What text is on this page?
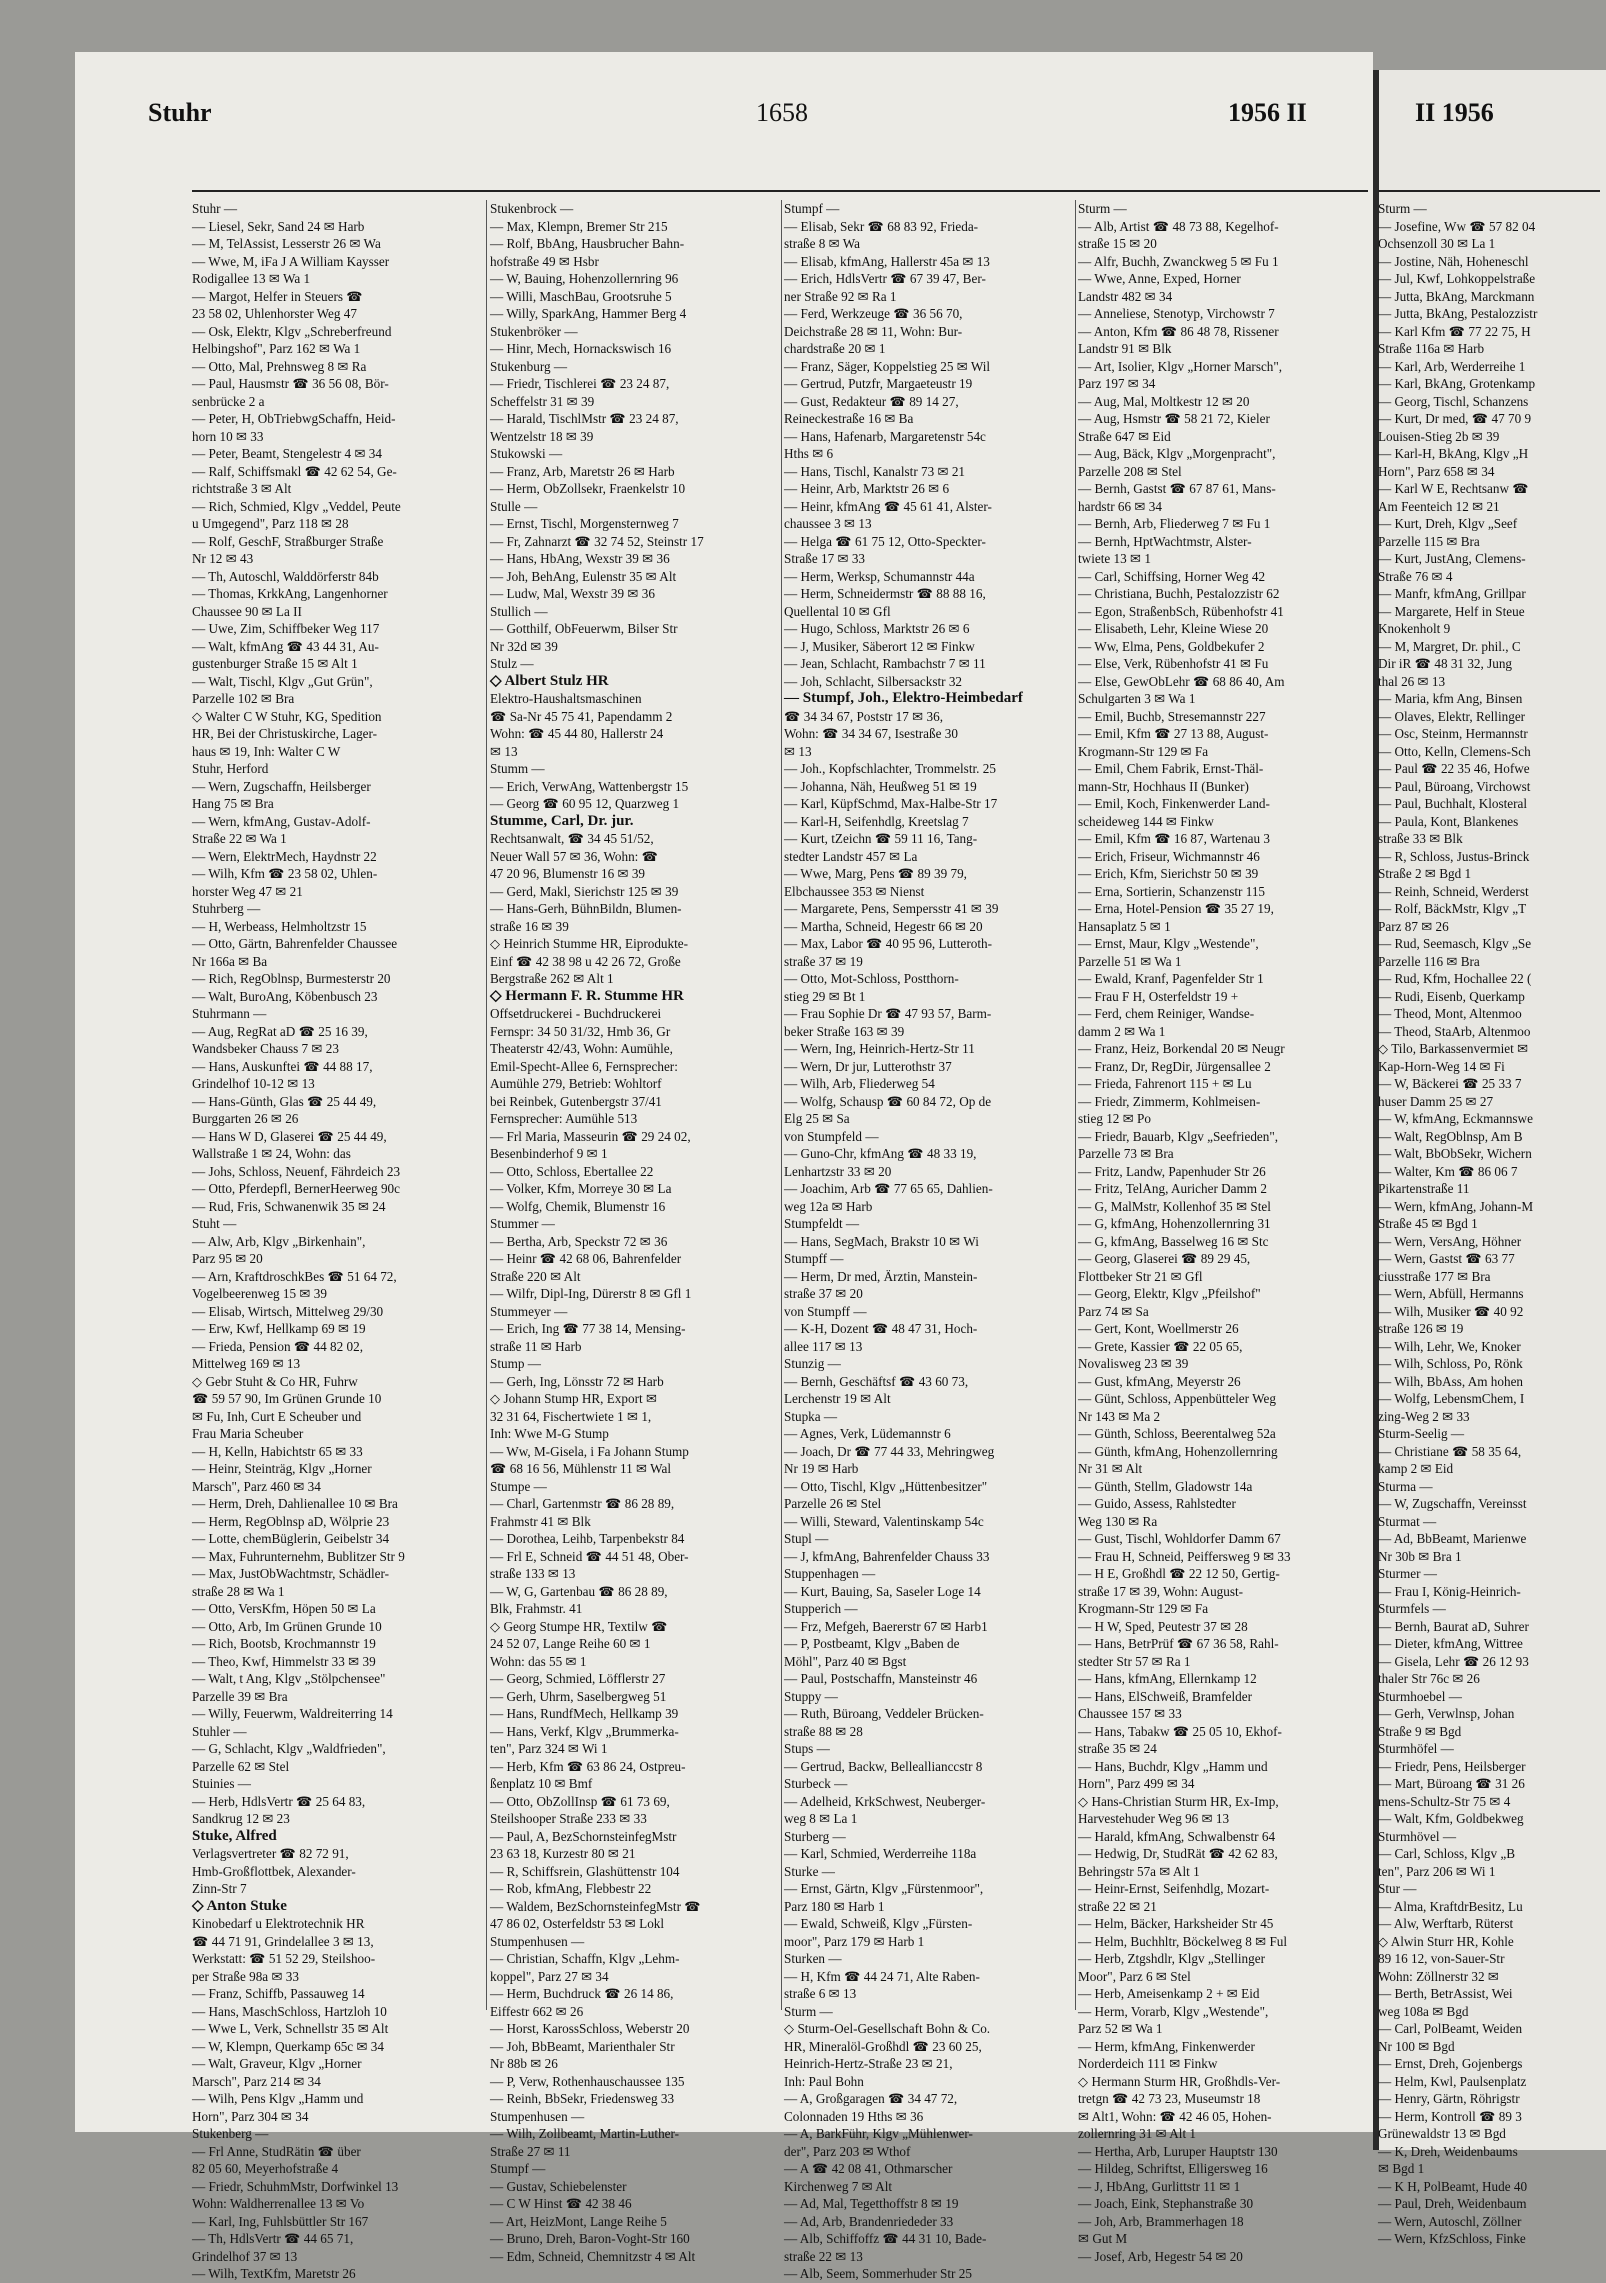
Stuhr	1658	1956 II	II 1956
Stuhr —
— Liesel, Sekr, Sand 24 ✉ Harb
— M, TelAssist, Lesserstr 26 ✉ Wa
— Wwe, M, iFa J A William Kaysser
Rodigallee 13 ✉ Wa 1
— Margot, Helfer in Steuers ☎
23 58 02, Uhlenhorster Weg 47
— Osk, Elektr, Klgv „Schreberfreund
Helbingshof", Parz 162 ✉ Wa 1
— Otto, Mal, Prehnsweg 8 ✉ Ra
— Paul, Hausmstr ☎ 36 56 08, Bör-
senbrücke 2 a
— Peter, H, ObTriebwgSchaffn, Heid-
horn 10 ✉ 33
— Peter, Beamt, Stengelestr 4 ✉ 34
— Ralf, Schiffsmakl ☎ 42 62 54, Ge-
richtstraße 3 ✉ Alt
— Rich, Schmied, Klgv „Veddel, Peute
u Umgegend", Parz 118 ✉ 28
— Rolf, GeschF, Straßburger Straße
Nr 12 ✉ 43
— Th, Autoschl, Walddörferstr 84b
— Thomas, KrkkAng, Langenhorner
Chaussee 90 ✉ La II
— Uwe, Zim, Schiffbeker Weg 117
— Walt, kfmAng ☎ 43 44 31, Au-
gustenburger Straße 15 ✉ Alt 1
— Walt, Tischl, Klgv „Gut Grün",
Parzelle 102 ✉ Bra
◇ Walter C W Stuhr, KG, Spedition
HR, Bei der Christuskirche, Lager-
haus ✉ 19, Inh: Walter C W
Stuhr, Herford
— Wern, Zugschaffn, Heilsberger
Hang 75 ✉ Bra
— Wern, kfmAng, Gustav-Adolf-
Straße 22 ✉ Wa 1
— Wern, ElektrMech, Haydnstr 22
— Wilh, Kfm ☎ 23 58 02, Uhlen-
horster Weg 47 ✉ 21
Stuhrberg —
— H, Werbeass, Helmholtzstr 15
— Otto, Gärtn, Bahrenfelder Chaussee
Nr 166a ✉ Ba
— Rich, RegOblnsp, Burmesterstr 20
— Walt, BuroAng, Köbenbusch 23
Stuhrmann —
— Aug, RegRat aD ☎ 25 16 39,
Wandsbeker Chauss 7 ✉ 23
— Hans, Auskunftei ☎ 44 88 17,
Grindelhof 10-12 ✉ 13
— Hans-Günth, Glas ☎ 25 44 49,
Burggarten 26 ✉ 26
— Hans W D, Glaserei ☎ 25 44 49,
Wallstraße 1 ✉ 24, Wohn: das
— Johs, Schloss, Neuenf, Fährdeich 23
— Otto, Pferdepfl, BernerHeerweg 90c
— Rud, Fris, Schwanenwik 35 ✉ 24
Stuht —
— Alw, Arb, Klgv „Birkenhain",
Parz 95 ✉ 20
— Arn, KraftdroschkBes ☎ 51 64 72,
Vogelbeerenweg 15 ✉ 39
— Elisab, Wirtsch, Mittelweg 29/30
— Erw, Kwf, Hellkamp 69 ✉ 19
— Frieda, Pension ☎ 44 82 02,
Mittelweg 169 ✉ 13
◇ Gebr Stuht & Co HR, Fuhrw
☎ 59 57 90, Im Grünen Grunde 10
✉ Fu, Inh, Curt E Scheuber und
Frau Maria Scheuber
— H, Kelln, Habichtstr 65 ✉ 33
— Heinr, Steinträg, Klgv „Horner
Marsch", Parz 460 ✉ 34
— Herm, Dreh, Dahlienallee 10 ✉ Bra
— Herm, RegOblnsp aD, Wölprie 23
— Lotte, chemBüglerin, Geibelstr 34
— Max, Fuhrunternehm, Bublitzer Str 9
— Max, JustObWachtmstr, Schädler-
straße 28 ✉ Wa 1
— Otto, VersKfm, Höpen 50 ✉ La
— Otto, Arb, Im Grünen Grunde 10
— Rich, Bootsb, Krochmannstr 19
— Theo, Kwf, Himmelstr 33 ✉ 39
— Walt, t Ang, Klgv „Stölpchensee"
Parzelle 39 ✉ Bra
— Willy, Feuerwm, Waldreiterring 14
Stuhler —
— G, Schlacht, Klgv „Waldfrieden",
Parzelle 62 ✉ Stel
Stuinies —
— Herb, HdlsVertr ☎ 25 64 83,
Sandkrug 12 ✉ 23
Stuke, Alfred
Verlagsvertreter ☎ 82 72 91,
Hmb-Großflottbek, Alexander-
Zinn-Str 7
◇ Anton Stuke
Kinobedarf u Elektrotechnik HR
☎ 44 71 91, Grindelallee 3 ✉ 13,
Werkstatt: ☎ 51 52 29, Steilshoo-
per Straße 98a ✉ 33
— Franz, Schiffb, Passauweg 14
— Hans, MaschSchloss, Hartzloh 10
— Wwe L, Verk, Schnellstr 35 ✉ Alt
— W, Klempn, Querkamp 65c ✉ 34
— Walt, Graveur, Klgv „Horner
Marsch", Parz 214 ✉ 34
— Wilh, Pens Klgv „Hamm und
Horn", Parz 304 ✉ 34
Stukenberg —
— Frl Anne, StudRätin ☎ über
82 05 60, Meyerhofstraße 4
— Friedr, SchuhmMstr, Dorfwinkel 13
Wohn: Waldherrenallee 13 ✉ Vo
— Karl, Ing, Fuhlsbüttler Str 167
— Th, HdlsVertr ☎ 44 65 71,
Grindelhof 37 ✉ 13
— Wilh, TextKfm, Maretstr 26
Stukenbrock —
— Max, Klempn, Bremer Str 215
— Rolf, BbAng, Hausbrucher Bahn-
hofstraße 49 ✉ Hsbr
— W, Bauing, Hohenzollernring 96
— Willi, MaschBau, Grootsruhe 5
— Willy, SparkAng, Hammer Berg 4
Stukenbröker —
— Hinr, Mech, Hornackswisch 16
Stukenburg —
— Friedr, Tischlerei ☎ 23 24 87,
Scheffelstr 31 ✉ 39
— Harald, TischlMstr ☎ 23 24 87,
Wentzelstr 18 ✉ 39
Stukowski —
— Franz, Arb, Maretstr 26 ✉ Harb
— Herm, ObZollsekr, Fraenkelstr 10
Stulle —
— Ernst, Tischl, Morgensternweg 7
— Fr, Zahnarzt ☎ 32 74 52, Steinstr 17
— Hans, HbAng, Wexstr 39 ✉ 36
— Joh, BehAng, Eulenstr 35 ✉ Alt
— Ludw, Mal, Wexstr 39 ✉ 36
Stullich —
— Gotthilf, ObFeuerwm, Bilser Str
Nr 32d ✉ 39
Stulz —
◇ Albert Stulz HR
Elektro-Haushaltsmaschinen
☎ Sa-Nr 45 75 41, Papendamm 2
Wohn: ☎ 45 44 80, Hallerstr 24
✉ 13
Stumm —
— Erich, VerwAng, Wattenbergstr 15
— Georg ☎ 60 95 12, Quarzweg 1
Stumme, Carl, Dr. jur.
Rechtsanwalt, ☎ 34 45 51/52,
Neuer Wall 57 ✉ 36, Wohn: ☎
47 20 96, Blumenstr 16 ✉ 39
— Gerd, Makl, Sierichstr 125 ✉ 39
— Hans-Gerh, BühnBildn, Blumen-
straße 16 ✉ 39
◇ Heinrich Stumme HR, Eiprodukte-
Einf ☎ 42 38 98 u 42 26 72, Große
Bergstraße 262 ✉ Alt 1
◇ Hermann F. R. Stumme HR
Offsetdruckerei - Buchdruckerei
Fernspr: 34 50 31/32, Hmb 36, Gr
Theaterstr 42/43, Wohn: Aumühle,
Emil-Specht-Allee 6, Fernsprecher:
Aumühle 279, Betrieb: Wohltorf
bei Reinbek, Gutenbergstr 37/41
Fernsprecher: Aumühle 513
— Frl Maria, Masseurin ☎ 29 24 02,
Besenbinderhof 9 ✉ 1
— Otto, Schloss, Ebertallee 22
— Volker, Kfm, Morreye 30 ✉ La
— Wolfg, Chemik, Blumenstr 16
Stummer —
— Bertha, Arb, Speckstr 72 ✉ 36
— Heinr ☎ 42 68 06, Bahrenfelder
Straße 220 ✉ Alt
— Wilfr, Dipl-Ing, Dürerstr 8 ✉ Gfl 1
Stummeyer —
— Erich, Ing ☎ 77 38 14, Mensing-
straße 11 ✉ Harb
Stump —
— Gerh, Ing, Lönsstr 72 ✉ Harb
◇ Johann Stump HR, Export ✉
32 31 64, Fischertwiete 1 ✉ 1,
Inh: Wwe M-G Stump
— Ww, M-Gisela, i Fa Johann Stump
☎ 68 16 56, Mühlenstr 11 ✉ Wal
Stumpe —
— Charl, Gartenmstr ☎ 86 28 89,
Frahmstr 41 ✉ Blk
— Dorothea, Leihb, Tarpenbekstr 84
— Frl E, Schneid ☎ 44 51 48, Ober-
straße 133 ✉ 13
— W, G, Gartenbau ☎ 86 28 89,
Blk, Frahmstr. 41
◇ Georg Stumpe HR, Textilw ☎
24 52 07, Lange Reihe 60 ✉ 1
Wohn: das 55 ✉ 1
— Georg, Schmied, Löfflerstr 27
— Gerh, Uhrm, Saselbergweg 51
— Hans, RundfMech, Hellkamp 39
— Hans, Verkf, Klgv „Brummerka-
ten", Parz 324 ✉ Wi 1
— Herb, Kfm ☎ 63 86 24, Ostpreu-
ßenplatz 10 ✉ Bmf
— Otto, ObZollInsp ☎ 61 73 69,
Steilshooper Straße 233 ✉ 33
— Paul, A, BezSchornsteinfegMstr
23 63 18, Kurzestr 80 ✉ 21
— R, Schiffsrein, Glashüttenstr 104
— Rob, kfmAng, Flebbestr 22
— Waldem, BezSchornsteinfegMstr ☎
47 86 02, Osterfeldstr 53 ✉ Lokl
Stumpenhusen —
— Christian, Schaffn, Klgv „Lehm-
koppel", Parz 27 ✉ 34
— Herm, Buchdruck ☎ 26 14 86,
Eiffestr 662 ✉ 26
— Horst, KarossSchloss, Weberstr 20
— Joh, BbBeamt, Marienthaler Str
Nr 88b ✉ 26
— P, Verw, Rothenhauschaussee 135
— Reinh, BbSekr, Friedensweg 33
Stumpenhusen —
— Wilh, Zollbeamt, Martin-Luther-
Straße 27 ✉ 11
Stumpf —
— Gustav, Schiebelenster
— C W Hinst ☎ 42 38 46
— Art, HeizMont, Lange Reihe 5
— Bruno, Dreh, Baron-Voght-Str 160
— Edm, Schneid, Chemnitzstr 4 ✉ Alt
Stumpf —
— Elisab, Sekr ☎ 68 83 92, Frieda-
straße 8 ✉ Wa
— Elisab, kfmAng, Hallerstr 45a ✉ 13
— Erich, HdlsVertr ☎ 67 39 47, Ber-
ner Straße 92 ✉ Ra 1
— Ferd, Werkzeuge ☎ 36 56 70,
Deichstraße 28 ✉ 11, Wohn: Bur-
chardstraße 20 ✉ 1
— Franz, Säger, Koppelstieg 25 ✉ Wil
— Gertrud, Putzfr, Margaeteustr 19
— Gust, Redakteur ☎ 89 14 27,
Reineckestraße 16 ✉ Ba
— Hans, Hafenarb, Margaretenstr 54c
Hths ✉ 6
— Hans, Tischl, Kanalstr 73 ✉ 21
— Heinr, Arb, Marktstr 26 ✉ 6
— Heinr, kfmAng ☎ 45 61 41, Alster-
chaussee 3 ✉ 13
— Helga ☎ 61 75 12, Otto-Speckter-
Straße 17 ✉ 33
— Herm, Werksp, Schumannstr 44a
— Herm, Schneidermstr ☎ 88 88 16,
Quellental 10 ✉ Gfl
— Hugo, Schloss, Marktstr 26 ✉ 6
— J, Musiker, Säberort 12 ✉ Finkw
— Jean, Schlacht, Rambachstr 7 ✉ 11
— Joh, Schlacht, Silbersackstr 32
— Stumpf, Joh., Elektro-Heimbedarf
☎ 34 34 67, Poststr 17 ✉ 36,
Wohn: ☎ 34 34 67, Isestraße 30
✉ 13
— Joh., Kopfschlachter, Trommelstr. 25
— Johanna, Näh, Heußweg 51 ✉ 19
— Karl, KüpfSchmd, Max-Halbe-Str 17
— Karl-H, Seifenhdlg, Kreetslag 7
— Kurt, tZeichn ☎ 59 11 16, Tang-
stedter Landstr 457 ✉ La
— Wwe, Marg, Pens ☎ 89 39 79,
Elbchaussee 353 ✉ Nienst
— Margarete, Pens, Sempersstr 41 ✉ 39
— Martha, Schneid, Hegestr 66 ✉ 20
— Max, Labor ☎ 40 95 96, Lutteroth-
straße 37 ✉ 19
— Otto, Mot-Schloss, Postthorn-
stieg 29 ✉ Bt 1
— Frau Sophie Dr ☎ 47 93 57, Barm-
beker Straße 163 ✉ 39
— Wern, Ing, Heinrich-Hertz-Str 11
— Wern, Dr jur, Lutterothstr 37
— Wilh, Arb, Fliederweg 54
— Wolfg, Schausp ☎ 60 84 72, Op de
Elg 25 ✉ Sa
von Stumpfeld —
— Guno-Chr, kfmAng ☎ 48 33 19,
Lenhartzstr 33 ✉ 20
— Joachim, Arb ☎ 77 65 65, Dahlien-
weg 12a ✉ Harb
Stumpfeldt —
— Hans, SegMach, Brakstr 10 ✉ Wi
Stumpff —
— Herm, Dr med, Ärztin, Manstein-
straße 37 ✉ 20
von Stumpff —
— K-H, Dozent ☎ 48 47 31, Hoch-
allee 117 ✉ 13
Stunzig —
— Bernh, Geschäftsf ☎ 43 60 73,
Lerchenstr 19 ✉ Alt
Stupka —
— Agnes, Verk, Lüdemannstr 6
— Joach, Dr ☎ 77 44 33, Mehringweg
Nr 19 ✉ Harb
— Otto, Tischl, Klgv „Hüttenbesitzer"
Parzelle 26 ✉ Stel
— Willi, Steward, Valentinskamp 54c
Stupl —
— J, kfmAng, Bahrenfelder Chauss 33
Stuppenhagen —
— Kurt, Bauing, Sa, Saseler Loge 14
Stupperich —
— Frz, Mefgeh, Baererstr 67 ✉ Harb1
— P, Postbeamt, Klgv „Baben de
Möhl", Parz 40 ✉ Bgst
— Paul, Postschaffn, Mansteinstr 46
Stuppy —
— Ruth, Büroang, Veddeler Brücken-
straße 88 ✉ 28
Stups —
— Gertrud, Backw, Belleallianccstr 8
Sturbeck —
— Adelheid, KrkSchwest, Neuberger-
weg 8 ✉ La 1
Sturberg —
— Karl, Schmied, Werderreihe 118a
Sturke —
— Ernst, Gärtn, Klgv „Fürstenmoor",
Parz 180 ✉ Harb 1
— Ewald, Schweiß, Klgv „Fürsten-
moor", Parz 179 ✉ Harb 1
Sturken —
— H, Kfm ☎ 44 24 71, Alte Raben-
straße 6 ✉ 13
Sturm —
◇ Sturm-Oel-Gesellschaft Bohn & Co.
HR, Mineralöl-Großhdl ☎ 23 60 25,
Heinrich-Hertz-Straße 23 ✉ 21,
Inh: Paul Bohn
— A, Großgaragen ☎ 34 47 72,
Colonnaden 19 Hths ✉ 36
— A, BarkFühr, Klgv „Mühlenwer-
der", Parz 203 ✉ Wthof
— A ☎ 42 08 41, Othmarscher
Kirchenweg 7 ✉ Alt
— Ad, Mal, Tegetthoffstr 8 ✉ 19
— Ad, Arb, Brandenriededer 33
— Alb, Schiffoffz ☎ 44 31 10, Bade-
straße 22 ✉ 13
— Alb, Seem, Sommerhuder Str 25
Sturm —
— Alb, Artist ☎ 48 73 88, Kegelhof-
straße 15 ✉ 20
— Alfr, Buchh, Zwanckweg 5 ✉ Fu 1
— Wwe, Anne, Exped, Horner
Landstr 482 ✉ 34
— Anneliese, Stenotyp, Virchowstr 7
— Anton, Kfm ☎ 86 48 78, Rissener
Landstr 91 ✉ Blk
— Art, Isolier, Klgv „Horner Marsch",
Parz 197 ✉ 34
— Aug, Mal, Moltkestr 12 ✉ 20
— Aug, Hsmstr ☎ 58 21 72, Kieler
Straße 647 ✉ Eid
— Aug, Bäck, Klgv „Morgenpracht",
Parzelle 208 ✉ Stel
— Bernh, Gastst ☎ 67 87 61, Mans-
hardstr 66 ✉ 34
— Bernh, Arb, Fliederweg 7 ✉ Fu 1
— Bernh, HptWachtmstr, Alster-
twiete 13 ✉ 1
— Carl, Schiffsing, Horner Weg 42
— Christiana, Buchh, Pestalozzistr 62
— Egon, StraßenbSch, Rübenhofstr 41
— Elisabeth, Lehr, Kleine Wiese 20
— Ww, Elma, Pens, Goldbekufer 2
— Else, Verk, Rübenhofstr 41 ✉ Fu
— Else, GewObLehr ☎ 68 86 40, Am
Schulgarten 3 ✉ Wa 1
— Emil, Buchb, Stresemannstr 227
— Emil, Kfm ☎ 27 13 88, August-
Krogmann-Str 129 ✉ Fa
— Emil, Chem Fabrik, Ernst-Thäl-
mann-Str, Hochhaus II (Bunker)
— Emil, Koch, Finkenwerder Land-
scheideweg 144 ✉ Finkw
— Emil, Kfm ☎ 16 87, Wartenau 3
— Erich, Friseur, Wichmannstr 46
— Erich, Kfm, Sierichstr 50 ✉ 39
— Erna, Sortierin, Schanzenstr 115
— Erna, Hotel-Pension ☎ 35 27 19,
Hansaplatz 5 ✉ 1
— Ernst, Maur, Klgv „Westende",
Parzelle 51 ✉ Wa 1
— Ewald, Kranf, Pagenfelder Str 1
— Frau F H, Osterfeldstr 19 +
— Ferd, chem Reiniger, Wandse-
damm 2 ✉ Wa 1
— Franz, Heiz, Borkendal 20 ✉ Neugr
— Franz, Dr, RegDir, Jürgensallee 2
— Frieda, Fahrenort 115 + ✉ Lu
— Friedr, Zimmerm, Kohlmeisen-
stieg 12 ✉ Po
— Friedr, Bauarb, Klgv „Seefrieden",
Parzelle 73 ✉ Bra
— Fritz, Landw, Papenhuder Str 26
— Fritz, TelAng, Auricher Damm 2
— G, MalMstr, Kollenhof 35 ✉ Stel
— G, kfmAng, Hohenzollernring 31
— G, kfmAng, Basselweg 16 ✉ Stc
— Georg, Glaserei ☎ 89 29 45,
Flottbeker Str 21 ✉ Gfl
— Georg, Elektr, Klgv „Pfeilshof"
Parz 74 ✉ Sa
— Gert, Kont, Woellmerstr 26
— Grete, Kassier ☎ 22 05 65,
Novalisweg 23 ✉ 39
— Gust, kfmAng, Meyerstr 26
— Günt, Schloss, Appenbütteler Weg
Nr 143 ✉ Ma 2
— Günth, Schloss, Beerentalweg 52a
— Günth, kfmAng, Hohenzollernring
Nr 31 ✉ Alt
— Günth, Stellm, Gladowstr 14a
— Guido, Assess, Rahlstedter
Weg 130 ✉ Ra
— Gust, Tischl, Wohldorfer Damm 67
— Frau H, Schneid, Peiffersweg 9 ✉ 33
— H E, Großhdl ☎ 22 12 50, Gertig-
straße 17 ✉ 39, Wohn: August-
Krogmann-Str 129 ✉ Fa
— H W, Sped, Peutestr 37 ✉ 28
— Hans, BetrPrüf ☎ 67 36 58, Rahl-
stedter Str 57 ✉ Ra 1
— Hans, kfmAng, Ellernkamp 12
— Hans, ElSchweiß, Bramfelder
Chaussee 157 ✉ 33
— Hans, Tabakw ☎ 25 05 10, Ekhof-
straße 35 ✉ 24
— Hans, Buchdr, Klgv „Hamm und
Horn", Parz 499 ✉ 34
◇ Hans-Christian Sturm HR, Ex-Imp,
Harvestehuder Weg 96 ✉ 13
— Harald, kfmAng, Schwalbenstr 64
— Hedwig, Dr, StudRät ☎ 42 62 83,
Behringstr 57a ✉ Alt 1
— Heinr-Ernst, Seifenhdlg, Mozart-
straße 22 ✉ 21
— Helm, Bäcker, Harksheider Str 45
— Helm, Buchhltr, Böckelweg 8 ✉ Ful
— Herb, Ztgshdlr, Klgv „Stellinger
Moor", Parz 6 ✉ Stel
— Herb, Ameisenkamp 2 + ✉ Eid
— Herm, Vorarb, Klgv „Westende",
Parz 52 ✉ Wa 1
— Herm, kfmAng, Finkenwerder
Norderdeich 111 ✉ Finkw
◇ Hermann Sturm HR, Großhdls-Ver-
tretgn ☎ 42 73 23, Museumstr 18
✉ Alt1, Wohn: ☎ 42 46 05, Hohen-
zollernring 31 ✉ Alt 1
— Hertha, Arb, Luruper Hauptstr 130
— Hildeg, Schriftst, Elligersweg 16
— J, HbAng, Gurlittstr 11 ✉ 1
— Joach, Eink, Stephanstraße 30
— Joh, Arb, Brammerhagen 18
✉ Gut M
— Josef, Arb, Hegestr 54 ✉ 20
Sturm —
— Josefine, Ww ☎ 57 82 04
Ochsenzoll 30 ✉ La 1
— Jostine, Näh, Hoheneschl
— Jul, Kwf, Lohkoppelstraße
— Jutta, BkAng, Marckmann
— Jutta, BkAng, Pestalozzistr
— Karl Kfm ☎ 77 22 75, H
Straße 116a ✉ Harb
— Karl, Arb, Werderreihe 1
— Karl, BkAng, Grotenkamp
— Georg, Tischl, Schanzens
— Kurt, Dr med, ☎ 47 70 9
Louisen-Stieg 2b ✉ 39
— Karl-H, BkAng, Klgv „H
Horn", Parz 658 ✉ 34
— Karl W E, Rechtsanw ☎
Am Feenteich 12 ✉ 21
— Kurt, Dreh, Klgv „Seef
Parzelle 115 ✉ Bra
— Kurt, JustAng, Clemens-
Straße 76 ✉ 4
— Manfr, kfmAng, Grillpar
— Margarete, Helf in Steue
Knokenholt 9
— M, Margret, Dr. phil., C
Dir iR ☎ 48 31 32, Jung
thal 26 ✉ 13
— Maria, kfm Ang, Binsen
— Olaves, Elektr, Rellinger
— Osc, Steinm, Hermannstr
— Otto, Kelln, Clemens-Sch
— Paul ☎ 22 35 46, Hofwe
— Paul, Büroang, Virchowst
— Paul, Buchhalt, Klosteral
— Paula, Kont, Blankenes
straße 33 ✉ Blk
— R, Schloss, Justus-Brinck
Straße 2 ✉ Bgd 1
— Reinh, Schneid, Werderst
— Rolf, BäckMstr, Klgv „T
Parz 87 ✉ 26
— Rud, Seemasch, Klgv „Se
Parzelle 116 ✉ Bra
— Rud, Kfm, Hochallee 22 (
— Rudi, Eisenb, Querkamp
— Theod, Mont, Altenmoo
— Theod, StaArb, Altenmoo
◇ Tilo, Barkassenvermiet ✉
Kap-Horn-Weg 14 ✉ Fi
— W, Bäckerei ☎ 25 33 7
huser Damm 25 ✉ 27
— W, kfmAng, Eckmannswe
— Walt, RegOblnsp, Am B
— Walt, BbObSekr, Wichern
— Walter, Km ☎ 86 06 7
Pikartenstraße 11
— Wern, kfmAng, Johann-M
Straße 45 ✉ Bgd 1
— Wern, VersAng, Höhner
— Wern, Gastst ☎ 63 77
ciusstraße 177 ✉ Bra
— Wern, Abfüll, Hermanns
— Wilh, Musiker ☎ 40 92
straße 126 ✉ 19
— Wilh, Lehr, We, Knoker
— Wilh, Schloss, Po, Rönk
— Wilh, BbAss, Am hohen
— Wolfg, LebensmChem, I
zing-Weg 2 ✉ 33
Sturm-Seelig —
— Christiane ☎ 58 35 64,
kamp 2 ✉ Eid
Sturma —
— W, Zugschaffn, Vereinsst
Sturmat —
— Ad, BbBeamt, Marienwe
Nr 30b ✉ Bra 1
Sturmer —
— Frau I, König-Heinrich-
Sturmfels —
— Bernh, Baurat aD, Suhrer
— Dieter, kfmAng, Wittree
— Gisela, Lehr ☎ 26 12 93
thaler Str 76c ✉ 26
Sturmhoebel —
— Gerh, Verwlnsp, Johan
Straße 9 ✉ Bgd
Sturmhöfel —
— Friedr, Pens, Heilsberger
— Mart, Büroang ☎ 31 26
mens-Schultz-Str 75 ✉ 4
— Walt, Kfm, Goldbekweg
Sturmhövel —
— Carl, Schloss, Klgv „B
ten", Parz 206 ✉ Wi 1
Stur —
— Alma, KraftdrBesitz, Lu
— Alw, Werftarb, Rüterst
◇ Alwin Sturr HR, Kohle
89 16 12, von-Sauer-Str
Wohn: Zöllnerstr 32 ✉
— Berth, BetrAssist, Wei
weg 108a ✉ Bgd
— Carl, PolBeamt, Weiden
Nr 100 ✉ Bgd
— Ernst, Dreh, Gojenbergs
— Helm, Kwl, Paulsenplatz
— Henry, Gärtn, Röhrigstr
— Herm, Kontroll ☎ 89 3
Grünewaldstr 13 ✉ Bgd
— K, Dreh, Weidenbaums
✉ Bgd 1
— K H, PolBeamt, Hude 40
— Paul, Dreh, Weidenbaum
— Wern, Autoschl, Zöllner
— Wern, KfzSchloss, Finke
